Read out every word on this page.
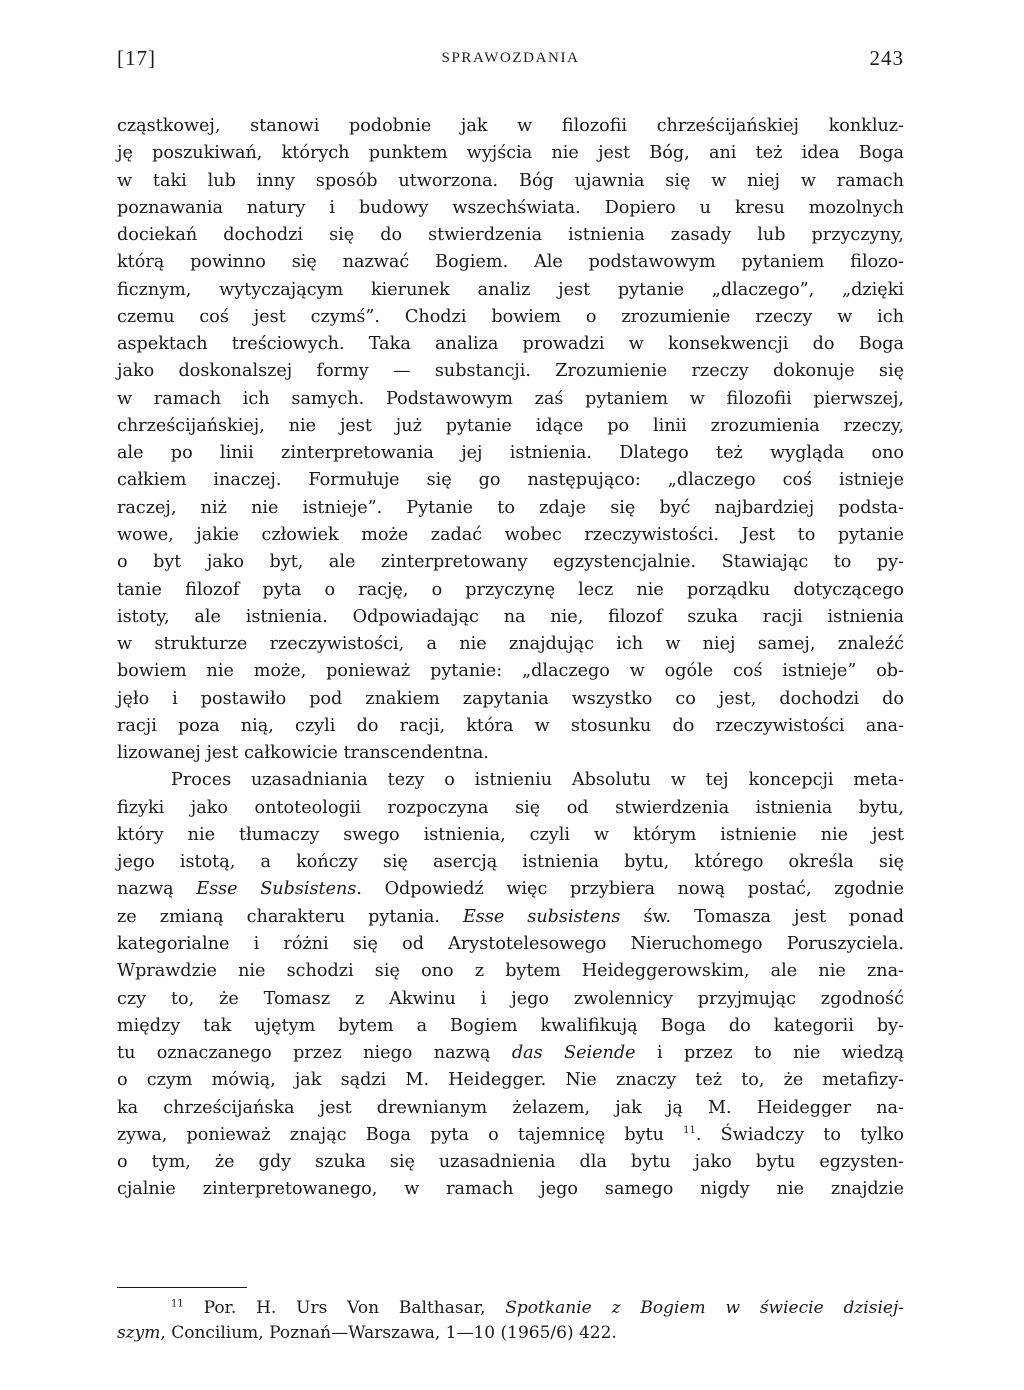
[17]	SPRAWOZDANIA	243
cząstkowej, stanowi podobnie jak w filozofii chrześcijańskiej konkluz-
ję poszukiwań, których punktem wyjścia nie jest Bóg, ani też idea Boga
w taki lub inny sposób utworzona. Bóg ujawnia się w niej w ramach
poznawania natury i budowy wszechświata. Dopiero u kresu mozolnych
dociekań dochodzi się do stwierdzenia istnienia zasady lub przyczyny,
którą powinno się nazwać Bogiem. Ale podstawowym pytaniem filozo-
ficznym, wytyczającym kierunek analiz jest pytanie „dlaczego”, „dzięki
czemu coś jest czymś”. Chodzi bowiem o zrozumienie rzeczy w ich
aspektach treściowych. Taka analiza prowadzi w konsekwencji do Boga
jako doskonalszej formy — substancji. Zrozumienie rzeczy dokonuje się
w ramach ich samych. Podstawowym zaś pytaniem w filozofii pierwszej,
chrześcijańskiej, nie jest już pytanie idące po linii zrozumienia rzeczy,
ale po linii zinterpretowania jej istnienia. Dlatego też wygląda ono
całkiem inaczej. Formułuje się go następująco: „dlaczego coś istnieje
raczej, niż nie istnieje”. Pytanie to zdaje się być najbardziej podsta-
wowe, jakie człowiek może zadać wobec rzeczywistości. Jest to pytanie
o byt jako byt, ale zinterpretowany egzystencjalnie. Stawiając to py-
tanie filozof pyta o rację, o przyczynę lecz nie porządku dotyczącego
istoty, ale istnienia. Odpowiadając na nie, filozof szuka racji istnienia
w strukturze rzeczywistości, a nie znajdując ich w niej samej, znaleźć
bowiem nie może, ponieważ pytanie: „dlaczego w ogóle coś istnieje” ob-
jęło i postawiło pod znakiem zapytania wszystko co jest, dochodzi do
racji poza nią, czyli do racji, która w stosunku do rzeczywistości ana-
lizowanej jest całkowicie transcendentna.
Proces uzasadniania tezy o istnieniu Absolutu w tej koncepcji meta-
fizyki jako ontoteologii rozpoczyna się od stwierdzenia istnienia bytu,
który nie tłumaczy swego istnienia, czyli w którym istnienie nie jest
jego istotą, a kończy się asercją istnienia bytu, którego określa się
nazwą Esse Subsistens. Odpowiedź więc przybiera nową postać, zgodnie
ze zmianą charakteru pytania. Esse subsistens św. Tomasza jest ponad
kategorialne i różni się od Arystotelesowego Nieruchomego Poruszyciela.
Wprawdzie nie schodzi się ono z bytem Heideggerowskim, ale nie zna-
czy to, że Tomasz z Akwinu i jego zwolennicy przyjmując zgodność
między tak ujętym bytem a Bogiem kwalifikują Boga do kategorii by-
tu oznaczanego przez niego nazwą das Seiende i przez to nie wiedzą
o czym mówią, jak sądzi M. Heidegger. Nie znaczy też to, że metafizy-
ka chrześcijańska jest drewnianym żelazem, jak ją M. Heidegger na-
zywa, ponieważ znając Boga pyta o tajemnicę bytu $^{11}$. Świadczy to tylko
o tym, że gdy szuka się uzasadnienia dla bytu jako bytu egzysten-
cjalnie zinterpretowanego, w ramach jego samego nigdy nie znajdzie
$^{11}$ Por. H. Urs Von Balthasar, Spotkanie z Bogiem w świecie dzisiej-
szym, Concilium, Poznań—Warszawa, 1—10 (1965/6) 422.
